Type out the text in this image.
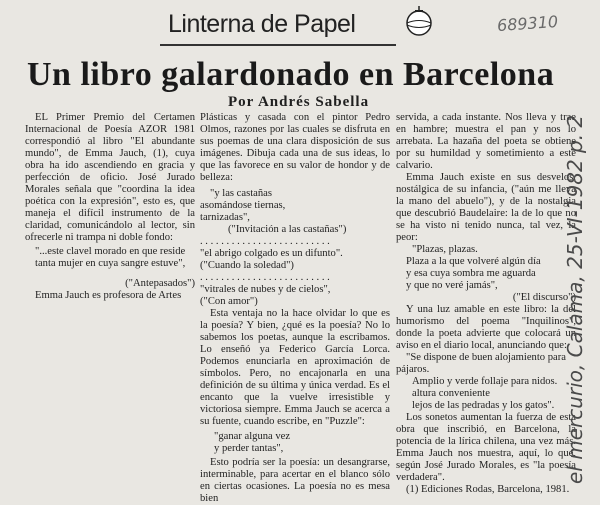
Linterna de Papel	689310
Un libro galardonado en Barcelona
Por Andrés Sabella

EL Primer Premio del Certamen Internacional de Poesía AZOR 1981 correspondió al libro "El abundante mundo", de Emma Jauch, (1), cuya obra ha ido ascendiendo en gracia y perfección de oficio. José Jurado Morales señala que "coordina la idea poética con la expresión", esto es, que maneja el difícil instrumento de la claridad, comunicándolo al lector, sin ofrecerle ni trampa ni doble fondo:

"...este clavel morado en que reside tanta mujer en cuya sangre estuve",

("Antepasados")

Emma Jauch es profesora de Artes

Plásticas y casada con el pintor Pedro Olmos, razones por las cuales se disfruta en sus poemas de una clara disposición de sus imágenes. Dibuja cada una de sus ideas, lo que las favorece en su valor de hondor y de belleza:

"y las castañas
asomándose tiernas,
tarnizadas",
("Invitación a las castañas")
. . . . . . . . . . . . . . . . . . . . . . . . .
"el abrigo colgado es un difunto".
("Cuando la soledad")
. . . . . . . . . . . . . . . . . . . . . . . . .
"vitrales de nubes y de cielos",
("Con amor")

Esta ventaja no la hace olvidar lo que es la poesía? Y bien, ¿qué es la poesía? No lo sabemos los poetas, aunque la escribamos. Lo enseñó ya Federico García Lorca. Podemos enunciarla en aproximación de símbolos. Pero, no encajonarla en una definición de su última y única verdad. Es el encanto que la vuelve irresistible y victoriosa siempre. Emma Jauch se acerca a su fuente, cuando escribe, en "Puzzle":

"ganar alguna vez
y perder tantas",

Esto podría ser la poesía: un desangrarse, interminable, para acertar en el blanco sólo en ciertas ocasiones. La poesía no es mesa bien

servida, a cada instante. Nos lleva y trae en hambre; muestra el pan y nos lo arrebata. La hazaña del poeta se obtiene por su humildad y sometimiento a este calvario.

Emma Jauch existe en sus desvelos, nostálgica de su infancia, ("aún me lleva la mano del abuelo"), y de la nostalgia que descubrió Baudelaire: la de lo que no se ha visto ni tenido nunca, tal vez, la peor:

"Plazas, plazas.
Plaza a la que volveré algún día
y esa cuya sombra me aguarda
y que no veré jamás",
("El discurso")

Y una luz amable en este libro: la del humorismo del poema "Inquilinos", donde la poeta advierte que colocará un aviso en el diario local, anunciando que:

"Se dispone de buen alojamiento para pájaros.

Amplio y verde follaje para nidos.

altura conveniente
lejos de las pedradas y los gatos".

Los sonetos aumentan la fuerza de esta obra que inscribió, en Barcelona, la potencia de la lírica chilena, una vez más. Emma Jauch nos muestra, aquí, lo que, según José Jurado Morales, es "la poesía verdadera".

(1) Ediciones Rodas, Barcelona, 1981.

el mercurio, Calama, 25-VI-1982 p. 2
